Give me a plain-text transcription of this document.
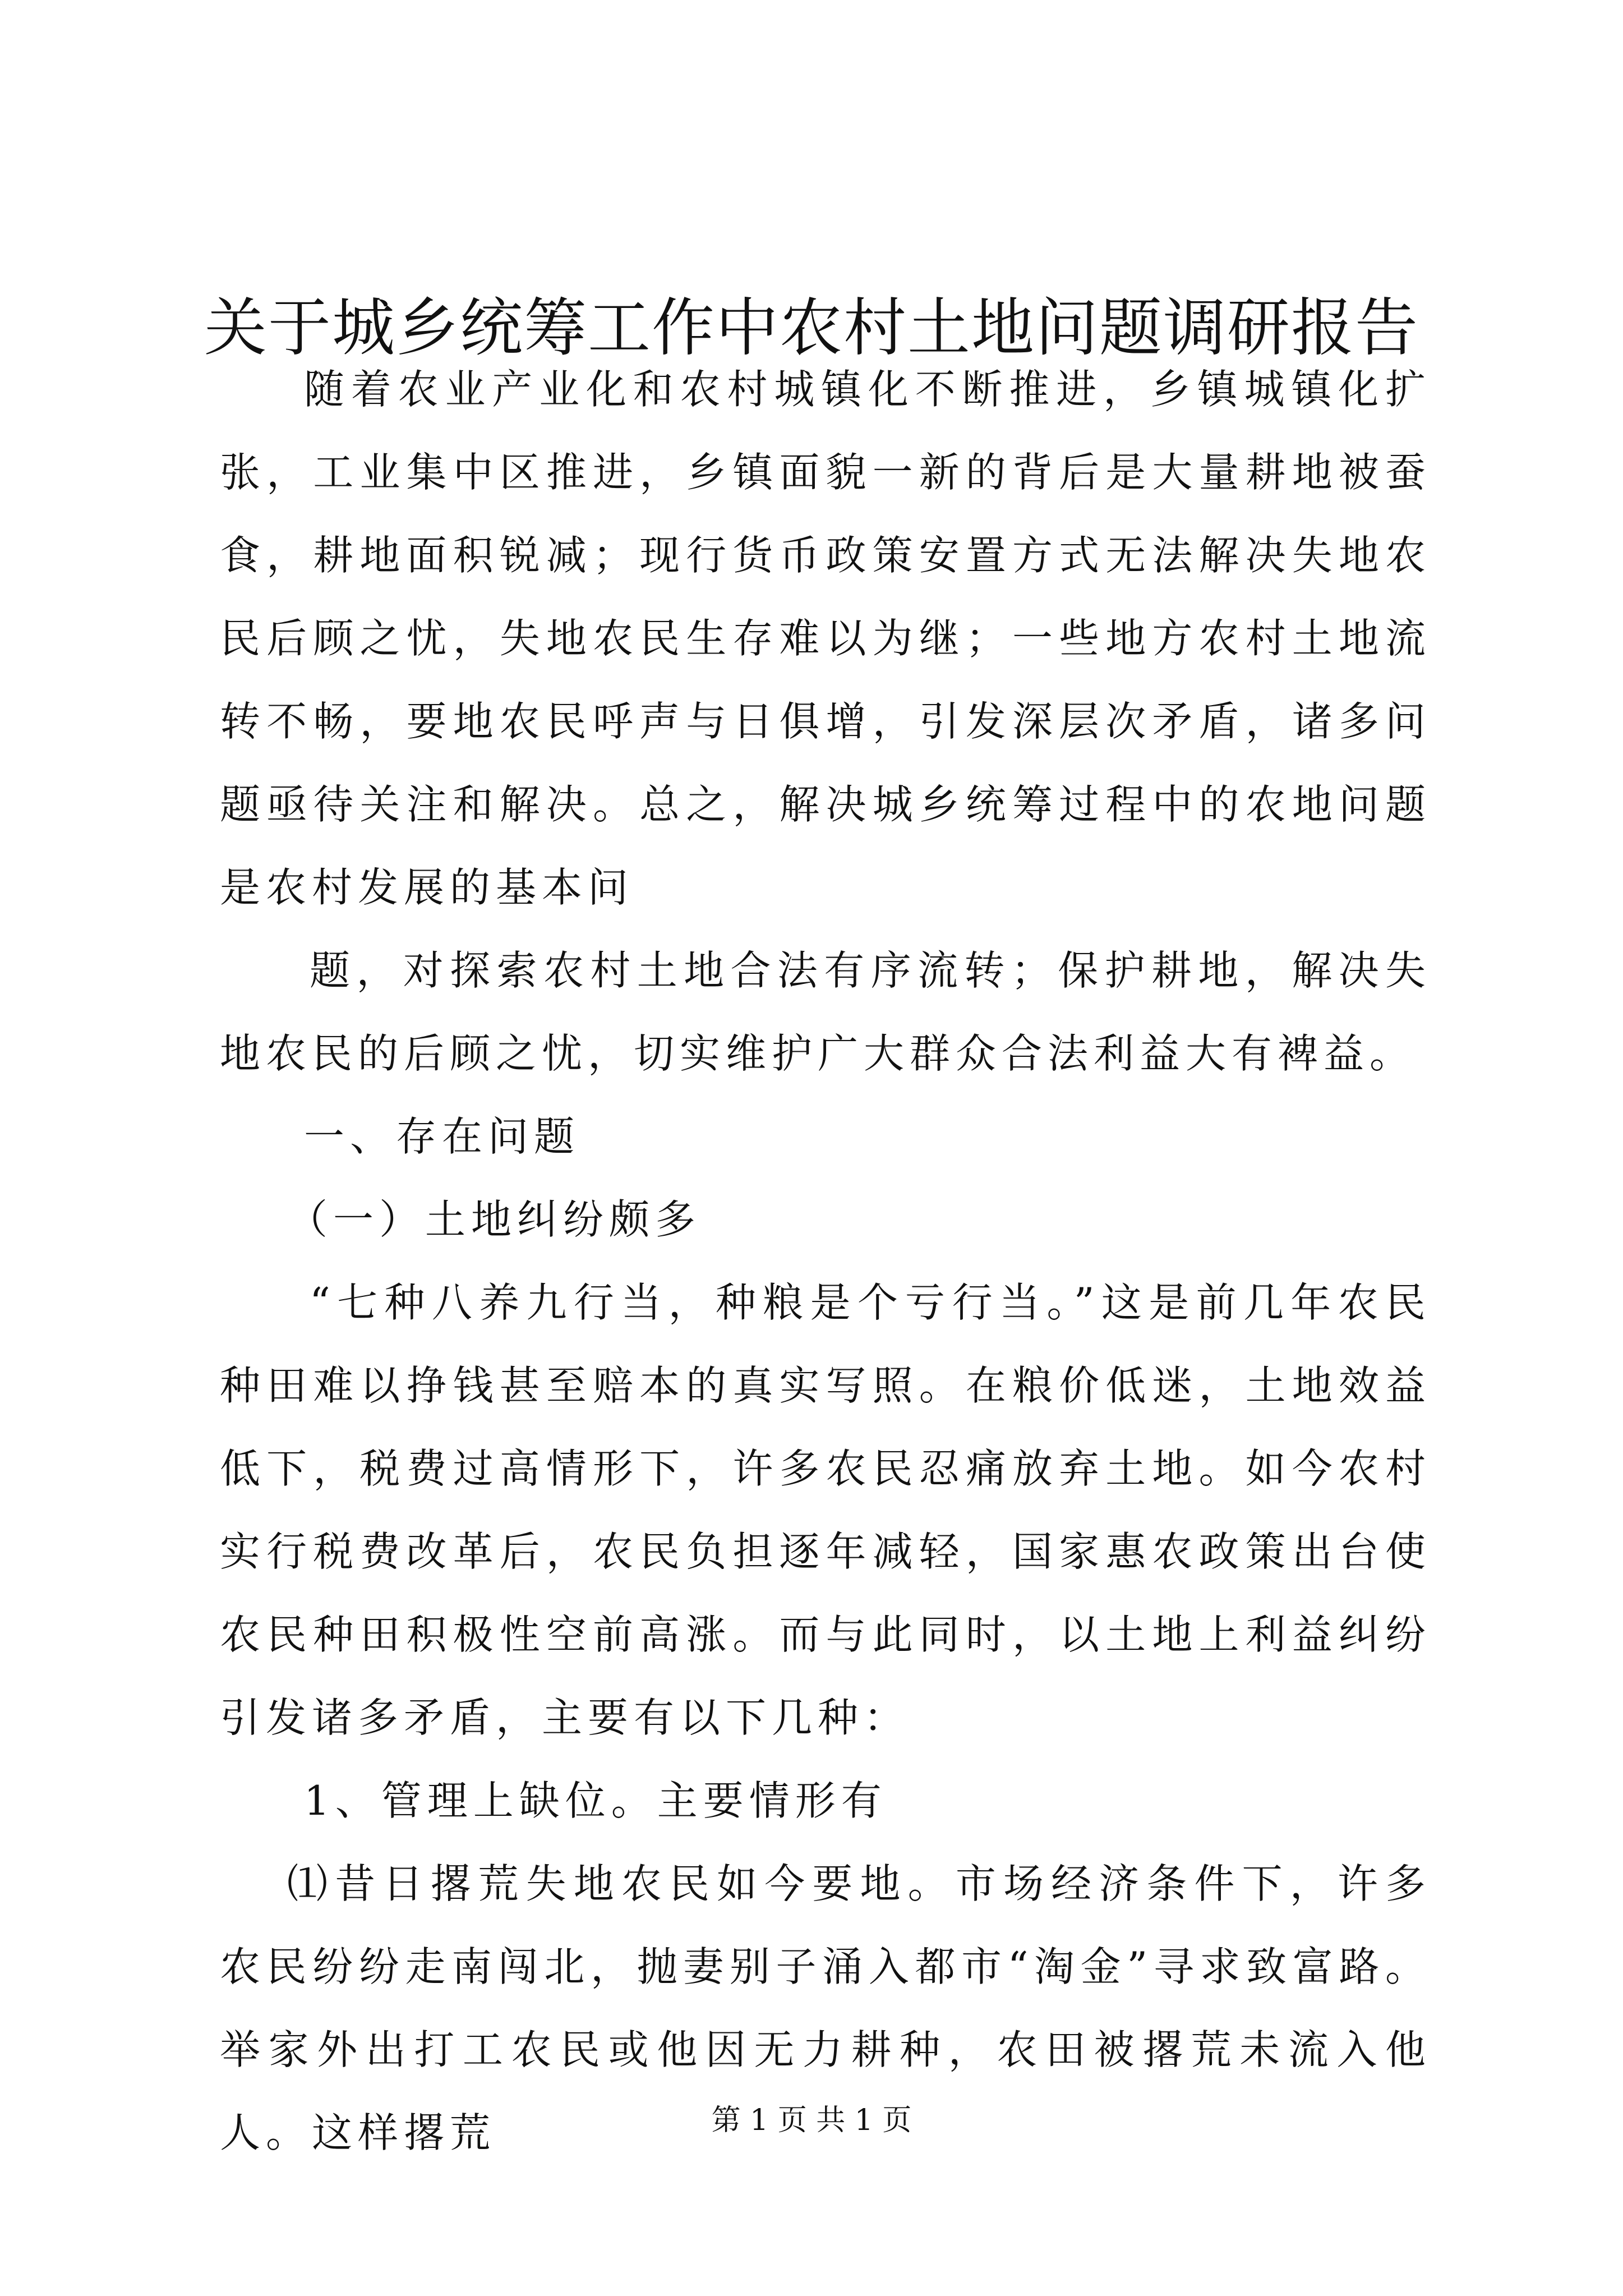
关于城乡统筹工作中农村土地问题调研报告

随着农业产业化和农村城镇化不断推进，乡镇城镇化扩张，工业集中区推进，乡镇面貌一新的背后是大量耕地被蚕食，耕地面积锐减；现行货币政策安置方式无法解决失地农民后顾之忧，失地农民生存难以为继；一些地方农村土地流转不畅，要地农民呼声与日俱增，引发深层次矛盾，诸多问题亟待关注和解决。总之，解决城乡统筹过程中的农地问题是农村发展的基本问

题，对探索农村土地合法有序流转；保护耕地，解决失地农民的后顾之忧，切实维护广大群众合法利益大有裨益。

一、存在问题

（一）土地纠纷颇多

“七种八养九行当，种粮是个亏行当。”这是前几年农民种田难以挣钱甚至赔本的真实写照。在粮价低迷，土地效益低下，税费过高情形下，许多农民忍痛放弃土地。如今农村实行税费改革后，农民负担逐年减轻，国家惠农政策出台使农民种田积极性空前高涨。而与此同时，以土地上利益纠纷引发诸多矛盾，主要有以下几种：

1、管理上缺位。主要情形有

⑴昔日撂荒失地农民如今要地。市场经济条件下，许多农民纷纷走南闯北，抛妻别子涌入都市“淘金”寻求致富路。举家外出打工农民或他因无力耕种，农田被撂荒未流入他人。这样撂荒	第 1 页 共 1 页
